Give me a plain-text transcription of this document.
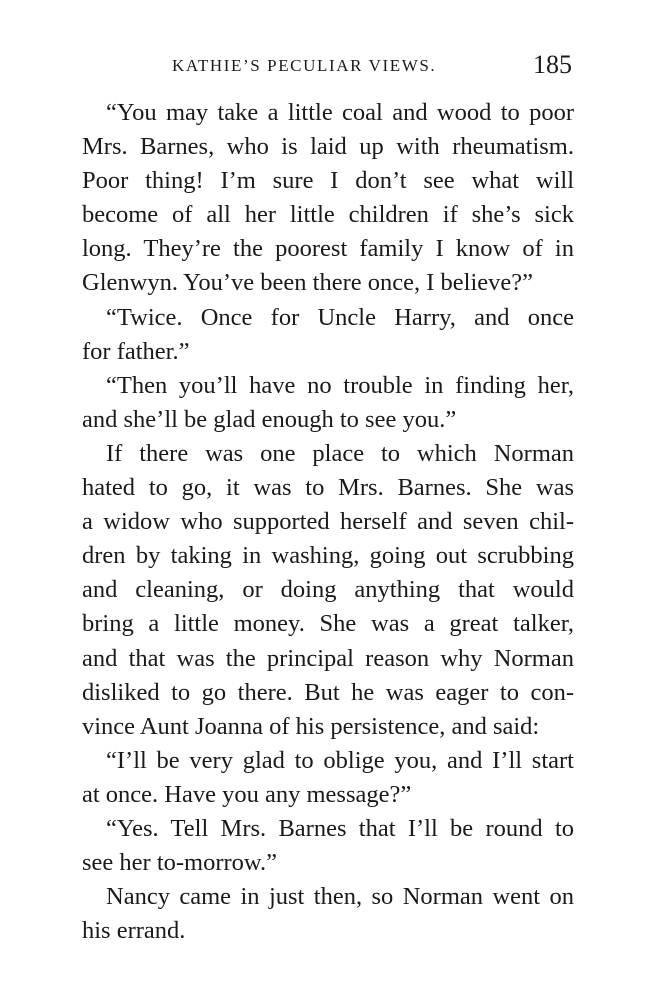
KATHIE’S PECULIAR VIEWS.	185
“You may take a little coal and wood to poor
Mrs. Barnes, who is laid up with rheumatism.
Poor thing! I’m sure I don’t see what will
become of all her little children if she’s sick
long. They’re the poorest family I know of in
Glenwyn. You’ve been there once, I believe?”
“Twice. Once for Uncle Harry, and once
for father.”
“Then you’ll have no trouble in finding her,
and she’ll be glad enough to see you.”
If there was one place to which Norman
hated to go, it was to Mrs. Barnes. She was
a widow who supported herself and seven chil-
dren by taking in washing, going out scrubbing
and cleaning, or doing anything that would
bring a little money. She was a great talker,
and that was the principal reason why Norman
disliked to go there. But he was eager to con-
vince Aunt Joanna of his persistence, and said:
“I’ll be very glad to oblige you, and I’ll start
at once. Have you any message?”
“Yes. Tell Mrs. Barnes that I’ll be round to
see her to-morrow.”
Nancy came in just then, so Norman went on
his errand.
